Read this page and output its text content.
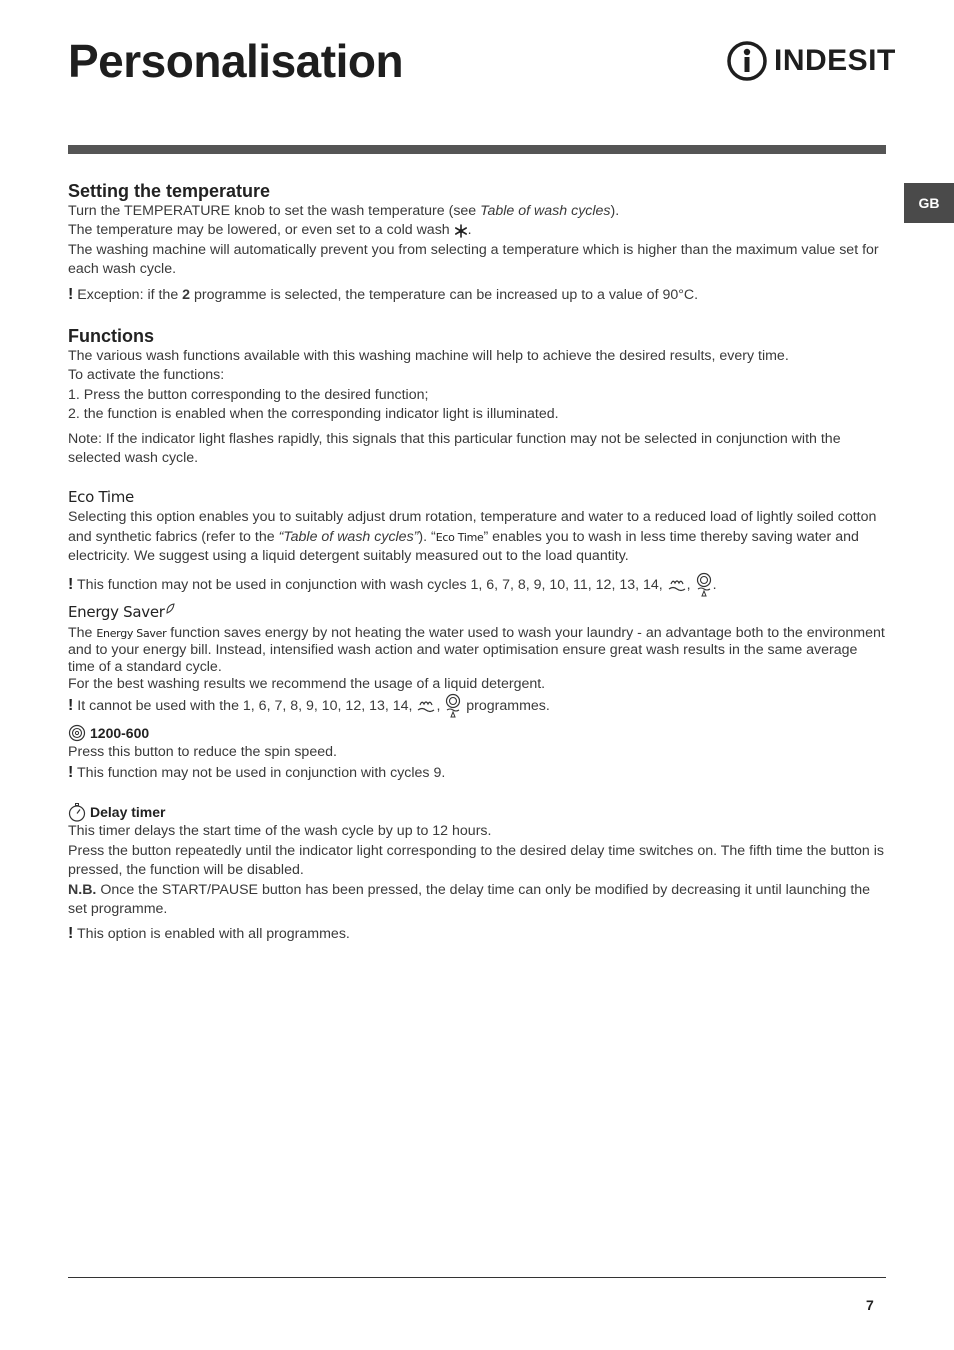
Personalisation	INDESIT
GB
Setting the temperature

Turn the TEMPERATURE knob to set the wash temperature (see Table of wash cycles).

The temperature may be lowered, or even set to a cold wash .

The washing machine will automatically prevent you from selecting a temperature which is higher than the maximum value set for each wash cycle.

! Exception: if the 2 programme is selected, the temperature can be increased up to a value of 90°C.

Functions

The various wash functions available with this washing machine will help to achieve the desired results, every time.

To activate the functions:

1. Press the button corresponding to the desired function;

2. the function is enabled when the corresponding indicator light is illuminated.

Note: If the indicator light flashes rapidly, this signals that this particular function may not be selected in conjunction with the selected wash cycle.

Eco Time

Selecting this option enables you to suitably adjust drum rotation, temperature and water to a reduced load of lightly soiled cotton and synthetic fabrics (refer to the “Table of wash cycles”). “Eco Time” enables you to wash in less time thereby saving water and electricity. We suggest using a liquid detergent suitably measured out to the load quantity.

! This function may not be used in conjunction with wash cycles 1, 6, 7, 8, 9, 10, 11, 12, 13, 14, , .

Energy Saver

The Energy Saver function saves energy by not heating the water used to wash your laundry - an advantage both to the environment and to your energy bill. Instead, intensified wash action and water optimisation ensure great wash results in the same average time of a standard cycle.

For the best washing results we recommend the usage of a liquid detergent.

! It cannot be used with the 1, 6, 7, 8, 9, 10, 12, 13, 14, ,  programmes.

1200-600

Press this button to reduce the spin speed.

! This function may not be used in conjunction with cycles 9.

Delay timer

This timer delays the start time of the wash cycle by up to 12 hours.

Press the button repeatedly until the indicator light corresponding to the desired delay time switches on. The fifth time the button is pressed, the function will be disabled.

N.B. Once the START/PAUSE button has been pressed, the delay time can only be modified by decreasing it until launching the set programme.

! This option is enabled with all programmes.

7
